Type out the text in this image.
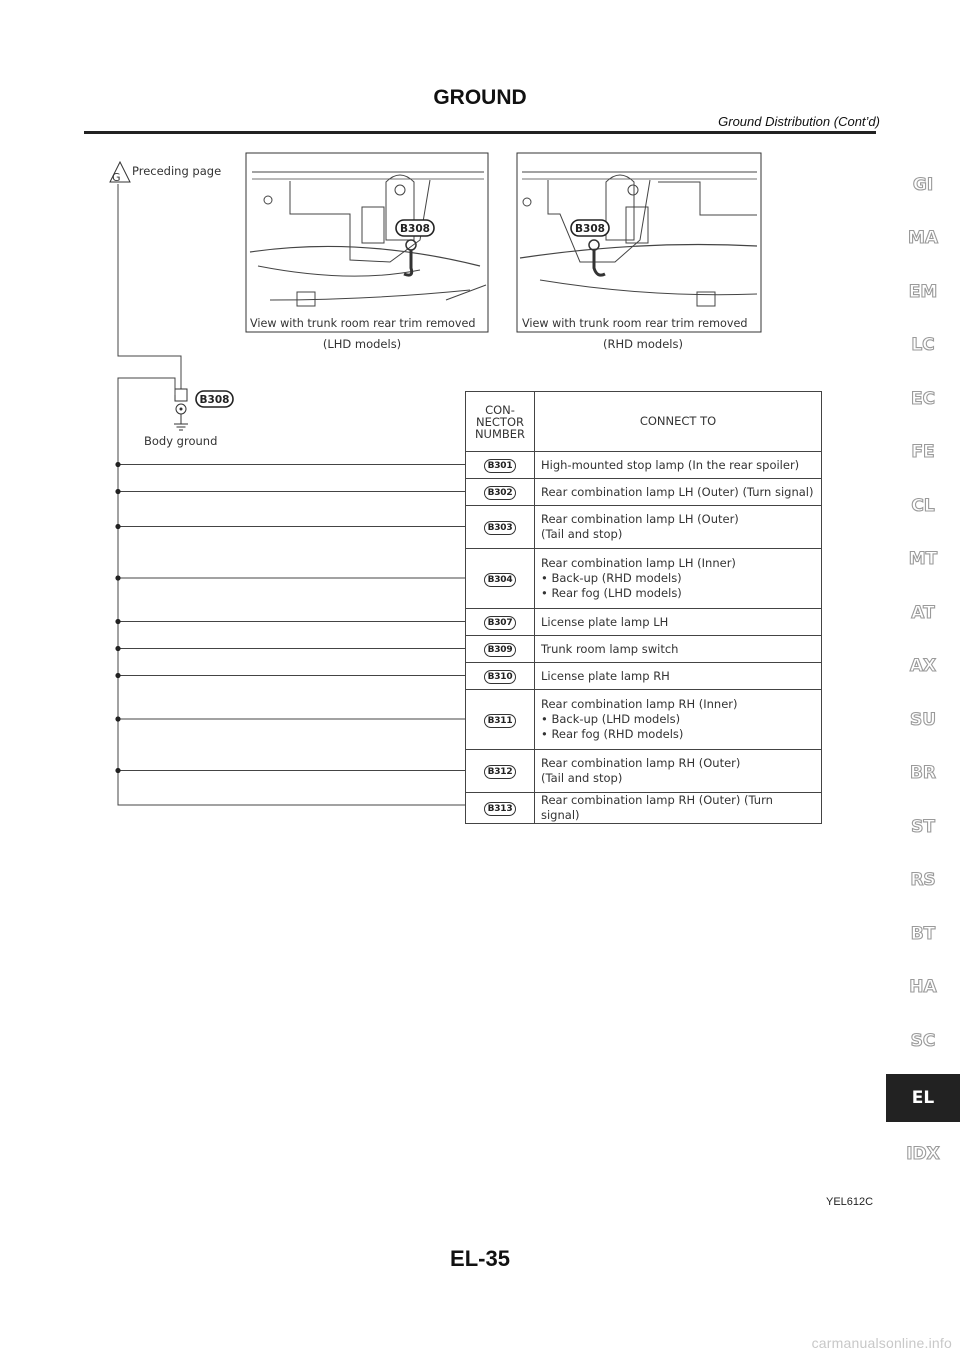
GROUND
Ground Distribution (Cont’d)
GI
MA
EM
LC
EC
FE
CL
MT
AT
AX
SU
BR
ST
RS
BT
HA
SC
EL
IDX
G Preceding page
B308
Body ground
B308
View with trunk room rear trim removed
(LHD models)
B308
View with trunk room rear trim removed
(RHD models)
CON-
NECTOR
NUMBER	CONNECT TO
B301	High-mounted stop lamp (In the rear spoiler)

B302	Rear combination lamp LH (Outer) (Turn signal)

B303	Rear combination lamp LH (Outer)
(Tail and stop)

B304	Rear combination lamp LH (Inner)
• Back-up (RHD models)
• Rear fog (LHD models)

B307	License plate lamp LH

B309	Trunk room lamp switch

B310	License plate lamp RH

B311	Rear combination lamp RH (Inner)
• Back-up (LHD models)
• Rear fog (RHD models)

B312	Rear combination lamp RH (Outer)
(Tail and stop)

B313	Rear combination lamp RH (Outer) (Turn signal)
YEL612C
EL-35
carmanualsonline.info
